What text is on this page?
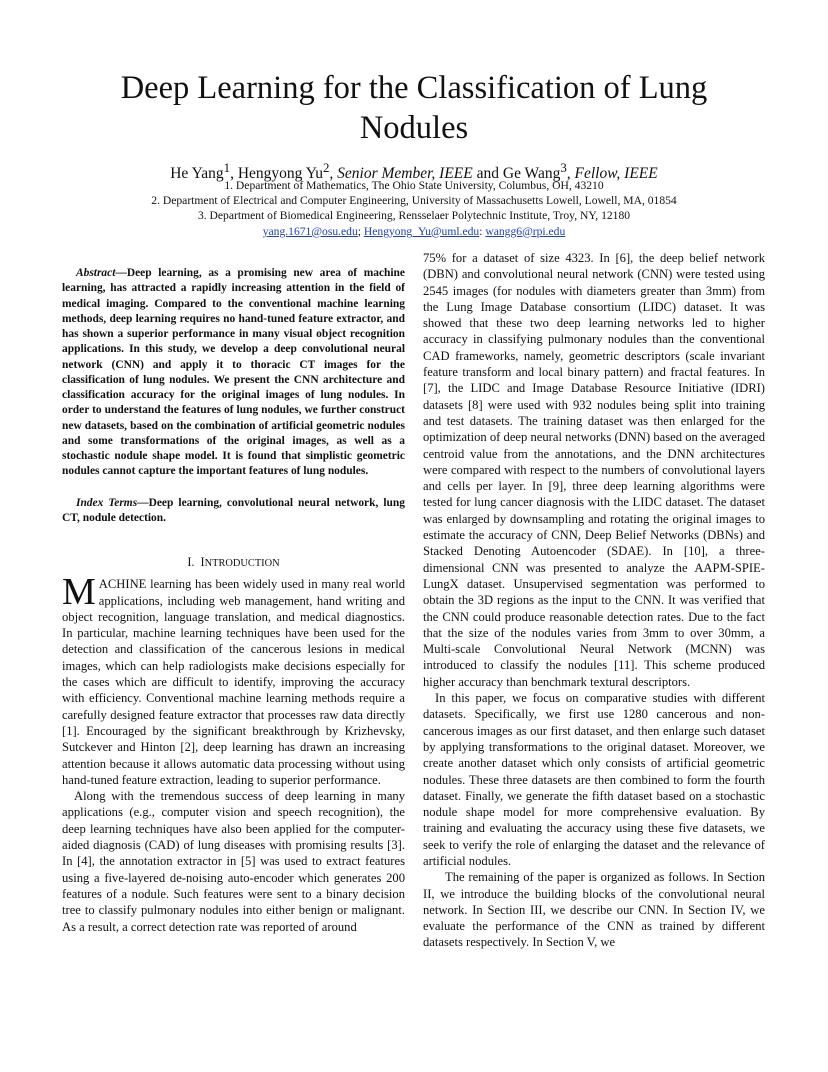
Deep Learning for the Classification of Lung
Nodules
He Yang$^1$, Hengyong Yu$^2$, Senior Member, IEEE and Ge Wang$^3$, Fellow, IEEE
1. Department of Mathematics, The Ohio State University, Columbus, OH, 43210
2. Department of Electrical and Computer Engineering, University of Massachusetts Lowell, Lowell, MA, 01854
3. Department of Biomedical Engineering, Rensselaer Polytechnic Institute, Troy, NY, 12180
yang.1671@osu.edu; Hengyong_Yu@uml.edu: wangg6@rpi.edu

Abstract—Deep learning, as a promising new area of machine learning, has attracted a rapidly increasing attention in the field of medical imaging. Compared to the conventional machine learning methods, deep learning requires no hand-tuned feature extractor, and has shown a superior performance in many visual object recognition applications. In this study, we develop a deep convolutional neural network (CNN) and apply it to thoracic CT images for the classification of lung nodules. We present the CNN architecture and classification accuracy for the original images of lung nodules. In order to understand the features of lung nodules, we further construct new datasets, based on the combination of artificial geometric nodules and some transformations of the original images, as well as a stochastic nodule shape model. It is found that simplistic geometric nodules cannot capture the important features of lung nodules.

Index Terms—Deep learning, convolutional neural network, lung CT, nodule detection.

I. INTRODUCTION

MACHINE learning has been widely used in many real world applications, including web management, hand writing and object recognition, language translation, and medical diagnostics. In particular, machine learning techniques have been used for the detection and classification of the cancerous lesions in medical images, which can help radiologists make decisions especially for the cases which are difficult to identify, improving the accuracy with efficiency. Conventional machine learning methods require a carefully designed feature extractor that processes raw data directly [1]. Encouraged by the significant breakthrough by Krizhevsky, Sutckever and Hinton [2], deep learning has drawn an increasing attention because it allows automatic data processing without using hand-tuned feature extraction, leading to superior performance.

Along with the tremendous success of deep learning in many applications (e.g., computer vision and speech recognition), the deep learning techniques have also been applied for the computer-aided diagnosis (CAD) of lung diseases with promising results [3]. In [4], the annotation extractor in [5] was used to extract features using a five-layered de-noising auto-encoder which generates 200 features of a nodule. Such features were sent to a binary decision tree to classify pulmonary nodules into either benign or malignant. As a result, a correct detection rate was reported of around

75% for a dataset of size 4323. In [6], the deep belief network (DBN) and convolutional neural network (CNN) were tested using 2545 images (for nodules with diameters greater than 3mm) from the Lung Image Database consortium (LIDC) dataset. It was showed that these two deep learning networks led to higher accuracy in classifying pulmonary nodules than the conventional CAD frameworks, namely, geometric descriptors (scale invariant feature transform and local binary pattern) and fractal features. In [7], the LIDC and Image Database Resource Initiative (IDRI) datasets [8] were used with 932 nodules being split into training and test datasets. The training dataset was then enlarged for the optimization of deep neural networks (DNN) based on the averaged centroid value from the annotations, and the DNN architectures were compared with respect to the numbers of convolutional layers and cells per layer. In [9], three deep learning algorithms were tested for lung cancer diagnosis with the LIDC dataset. The dataset was enlarged by downsampling and rotating the original images to estimate the accuracy of CNN, Deep Belief Networks (DBNs) and Stacked Denoting Autoencoder (SDAE). In [10], a three-dimensional CNN was presented to analyze the AAPM-SPIE-LungX dataset. Unsupervised segmentation was performed to obtain the 3D regions as the input to the CNN. It was verified that the CNN could produce reasonable detection rates. Due to the fact that the size of the nodules varies from 3mm to over 30mm, a Multi-scale Convolutional Neural Network (MCNN) was introduced to classify the nodules [11]. This scheme produced higher accuracy than benchmark textural descriptors.

In this paper, we focus on comparative studies with different datasets. Specifically, we first use 1280 cancerous and non-cancerous images as our first dataset, and then enlarge such dataset by applying transformations to the original dataset. Moreover, we create another dataset which only consists of artificial geometric nodules. These three datasets are then combined to form the fourth dataset. Finally, we generate the fifth dataset based on a stochastic nodule shape model for more comprehensive evaluation. By training and evaluating the accuracy using these five datasets, we seek to verify the role of enlarging the dataset and the relevance of artificial nodules.

The remaining of the paper is organized as follows. In Section II, we introduce the building blocks of the convolutional neural network. In Section III, we describe our CNN. In Section IV, we evaluate the performance of the CNN as trained by different datasets respectively. In Section V, we
